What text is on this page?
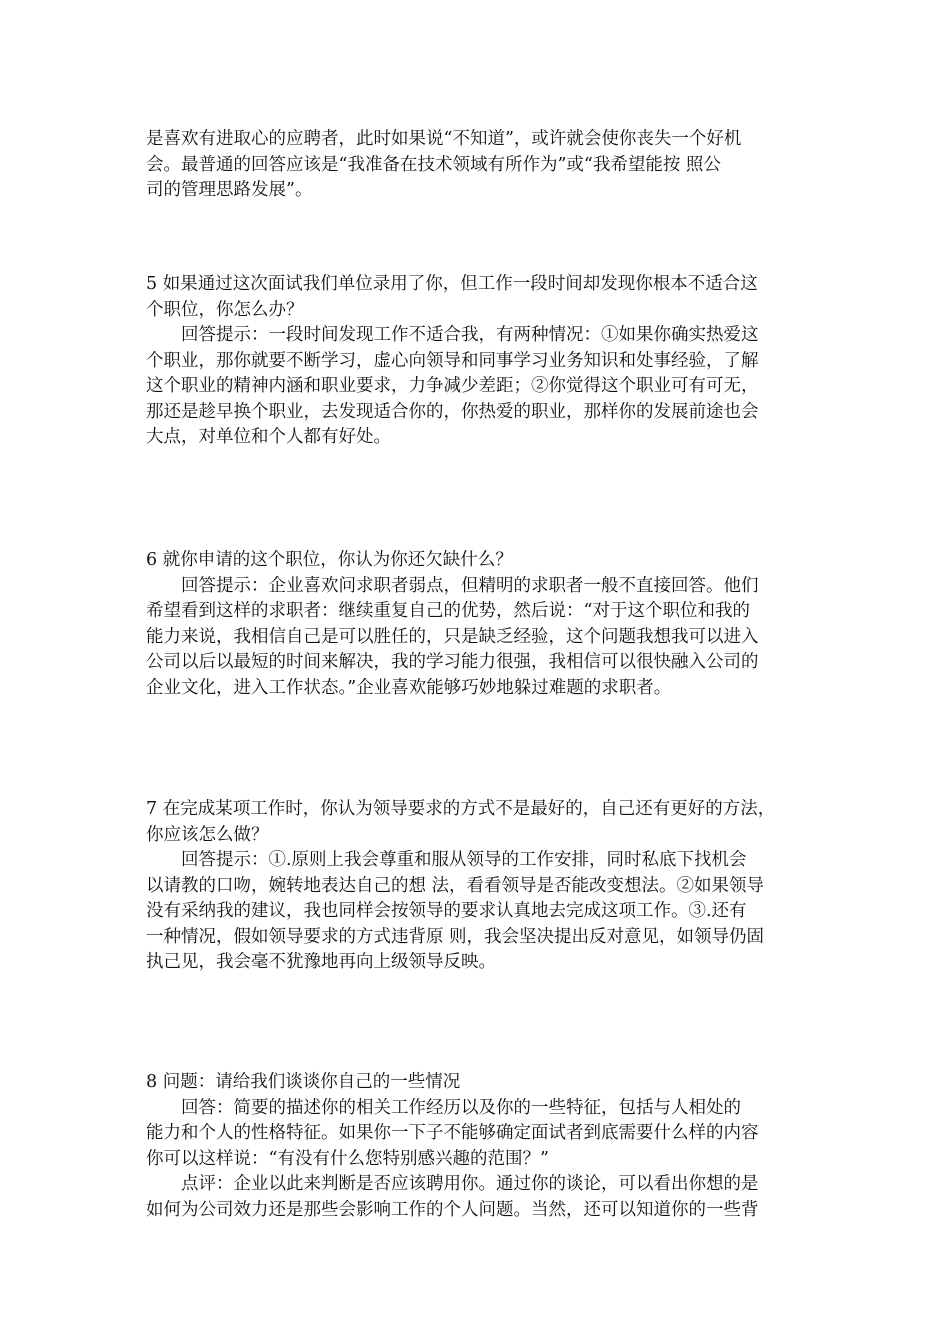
是喜欢有进取心的应聘者，此时如果说“不知道”，或许就会使你丧失一个好机
会。最普通的回答应该是“我准备在技术领域有所作为”或“我希望能按 照公
司的管理思路发展”。
5 如果通过这次面试我们单位录用了你，但工作一段时间却发现你根本不适合这
个职位，你怎么办？
回答提示：一段时间发现工作不适合我，有两种情况：①如果你确实热爱这
个职业，那你就要不断学习，虚心向领导和同事学习业务知识和处事经验，了解
这个职业的精神内涵和职业要求，力争减少差距；②你觉得这个职业可有可无，
那还是趁早换个职业，去发现适合你的，你热爱的职业，那样你的发展前途也会
大点，对单位和个人都有好处。
6 就你申请的这个职位，你认为你还欠缺什么？
回答提示：企业喜欢问求职者弱点，但精明的求职者一般不直接回答。他们
希望看到这样的求职者：继续重复自己的优势，然后说：“对于这个职位和我的
能力来说，我相信自己是可以胜任的，只是缺乏经验，这个问题我想我可以进入
公司以后以最短的时间来解决，我的学习能力很强，我相信可以很快融入公司的
企业文化，进入工作状态。”企业喜欢能够巧妙地躲过难题的求职者。
7 在完成某项工作时，你认为领导要求的方式不是最好的，自己还有更好的方法，
你应该怎么做？
回答提示：①.原则上我会尊重和服从领导的工作安排，同时私底下找机会
以请教的口吻，婉转地表达自己的想 法，看看领导是否能改变想法。②如果领导
没有采纳我的建议，我也同样会按领导的要求认真地去完成这项工作。③.还有
一种情况，假如领导要求的方式违背原 则，我会坚决提出反对意见，如领导仍固
执己见，我会毫不犹豫地再向上级领导反映。
8 问题：请给我们谈谈你自己的一些情况
回答：简要的描述你的相关工作经历以及你的一些特征，包括与人相处的
能力和个人的性格特征。如果你一下子不能够确定面试者到底需要什么样的内容
你可以这样说：“有没有什么您特别感兴趣的范围？”
点评：企业以此来判断是否应该聘用你。通过你的谈论，可以看出你想的是
如何为公司效力还是那些会影响工作的个人问题。当然，还可以知道你的一些背
